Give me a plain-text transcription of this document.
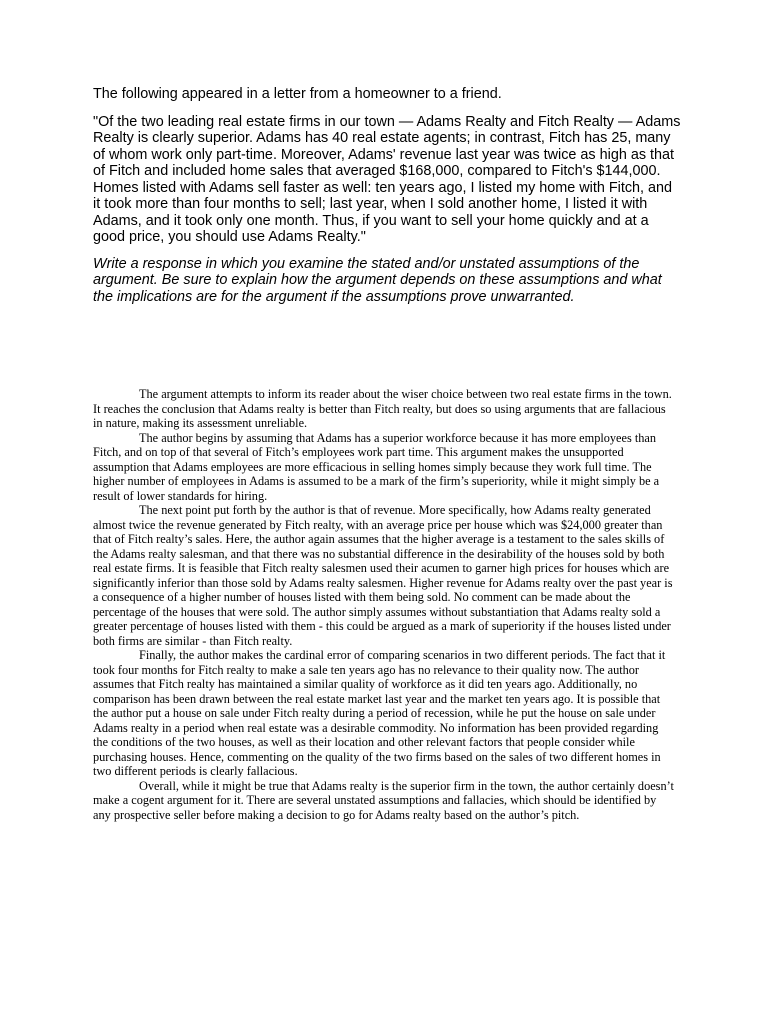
The following appeared in a letter from a homeowner to a friend.

"Of the two leading real estate firms in our town — Adams Realty and Fitch Realty — Adams Realty is clearly superior. Adams has 40 real estate agents; in contrast, Fitch has 25, many of whom work only part-time. Moreover, Adams' revenue last year was twice as high as that of Fitch and included home sales that averaged $168,000, compared to Fitch's $144,000. Homes listed with Adams sell faster as well: ten years ago, I listed my home with Fitch, and it took more than four months to sell; last year, when I sold another home, I listed it with Adams, and it took only one month. Thus, if you want to sell your home quickly and at a good price, you should use Adams Realty."

Write a response in which you examine the stated and/or unstated assumptions of the argument. Be sure to explain how the argument depends on these assumptions and what the implications are for the argument if the assumptions prove unwarranted.

The argument attempts to inform its reader about the wiser choice between two real estate firms in the town. It reaches the conclusion that Adams realty is better than Fitch realty, but does so using arguments that are fallacious in nature, making its assessment unreliable.

The author begins by assuming that Adams has a superior workforce because it has more employees than Fitch, and on top of that several of Fitch’s employees work part time. This argument makes the unsupported assumption that Adams employees are more efficacious in selling homes simply because they work full time. The higher number of employees in Adams is assumed to be a mark of the firm’s superiority, while it might simply be a result of lower standards for hiring.

The next point put forth by the author is that of revenue. More specifically, how Adams realty generated almost twice the revenue generated by Fitch realty, with an average price per house which was $24,000 greater than that of Fitch realty’s sales. Here, the author again assumes that the higher average is a testament to the sales skills of the Adams realty salesman, and that there was no substantial difference in the desirability of the houses sold by both real estate firms. It is feasible that Fitch realty salesmen used their acumen to garner high prices for houses which are significantly inferior than those sold by Adams realty salesmen. Higher revenue for Adams realty over the past year is a consequence of a higher number of houses listed with them being sold. No comment can be made about the percentage of the houses that were sold. The author simply assumes without substantiation that Adams realty sold a greater percentage of houses listed with them - this could be argued as a mark of superiority if the houses listed under both firms are similar - than Fitch realty.

Finally, the author makes the cardinal error of comparing scenarios in two different periods. The fact that it took four months for Fitch realty to make a sale ten years ago has no relevance to their quality now. The author assumes that Fitch realty has maintained a similar quality of workforce as it did ten years ago. Additionally, no comparison has been drawn between the real estate market last year and the market ten years ago. It is possible that the author put a house on sale under Fitch realty during a period of recession, while he put the house on sale under Adams realty in a period when real estate was a desirable commodity. No information has been provided regarding the conditions of the two houses, as well as their location and other relevant factors that people consider while purchasing houses. Hence, commenting on the quality of the two firms based on the sales of two different homes in two different periods is clearly fallacious.

Overall, while it might be true that Adams realty is the superior firm in the town, the author certainly doesn’t make a cogent argument for it. There are several unstated assumptions and fallacies, which should be identified by any prospective seller before making a decision to go for Adams realty based on the author’s pitch.
